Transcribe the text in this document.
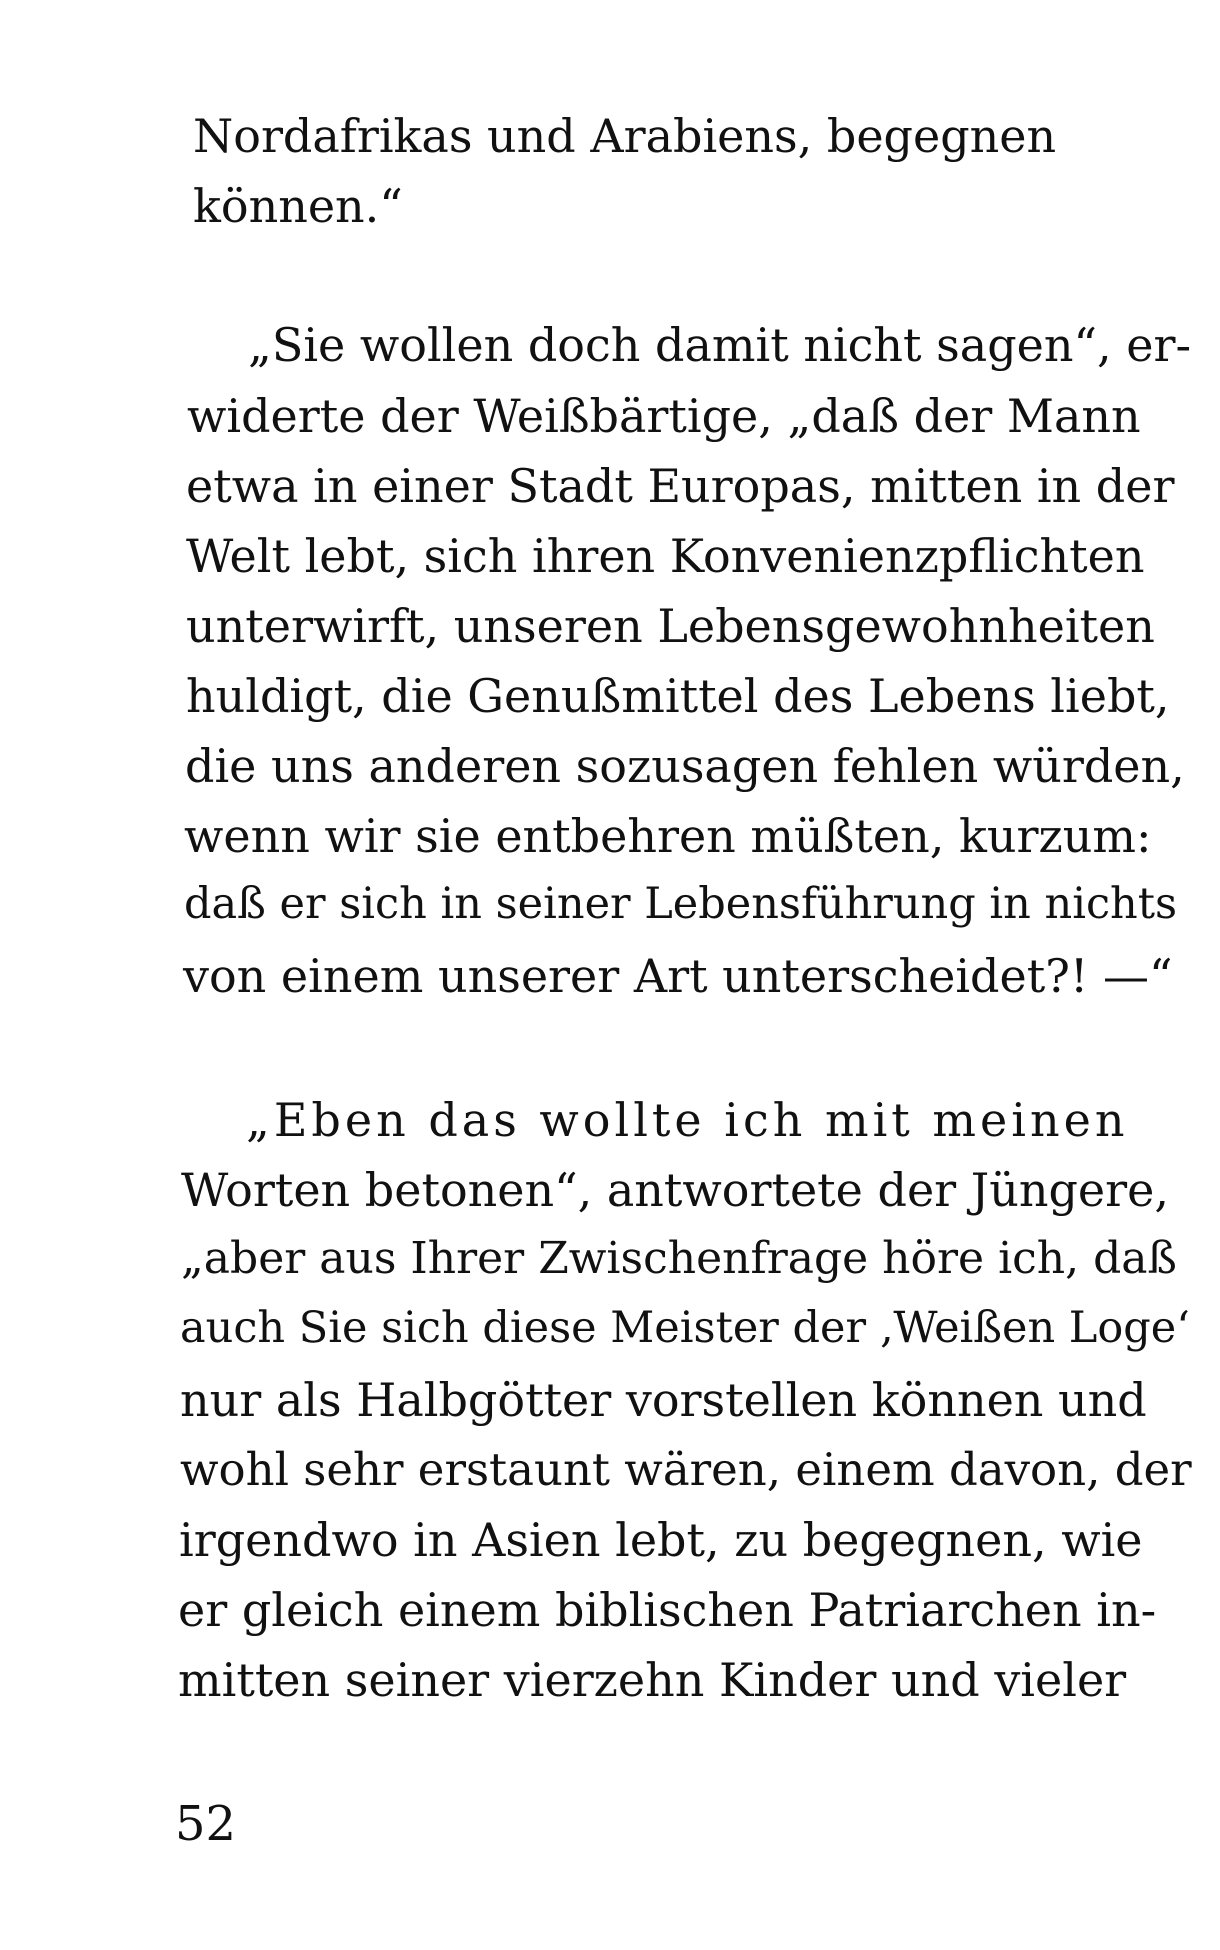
Nordafrikas und Arabiens, begegnen
können.“
„Sie wollen doch damit nicht sagen“, er-
widerte der Weißbärtige, „daß der Mann
etwa in einer Stadt Europas, mitten in der
Welt lebt, sich ihren Konvenienzpflichten
unterwirft, unseren Lebensgewohnheiten
huldigt, die Genußmittel des Lebens liebt,
die uns anderen sozusagen fehlen würden,
wenn wir sie entbehren müßten, kurzum:
daß er sich in seiner Lebensführung in nichts
von einem unserer Art unterscheidet?! —“
„Eben das wollte ich mit meinen
Worten betonen“, antwortete der Jüngere,
„aber aus Ihrer Zwischenfrage höre ich, daß
auch Sie sich diese Meister der ‚Weißen Loge‘
nur als Halbgötter vorstellen können und
wohl sehr erstaunt wären, einem davon, der
irgendwo in Asien lebt, zu begegnen, wie
er gleich einem biblischen Patriarchen in-
mitten seiner vierzehn Kinder und vieler
52
